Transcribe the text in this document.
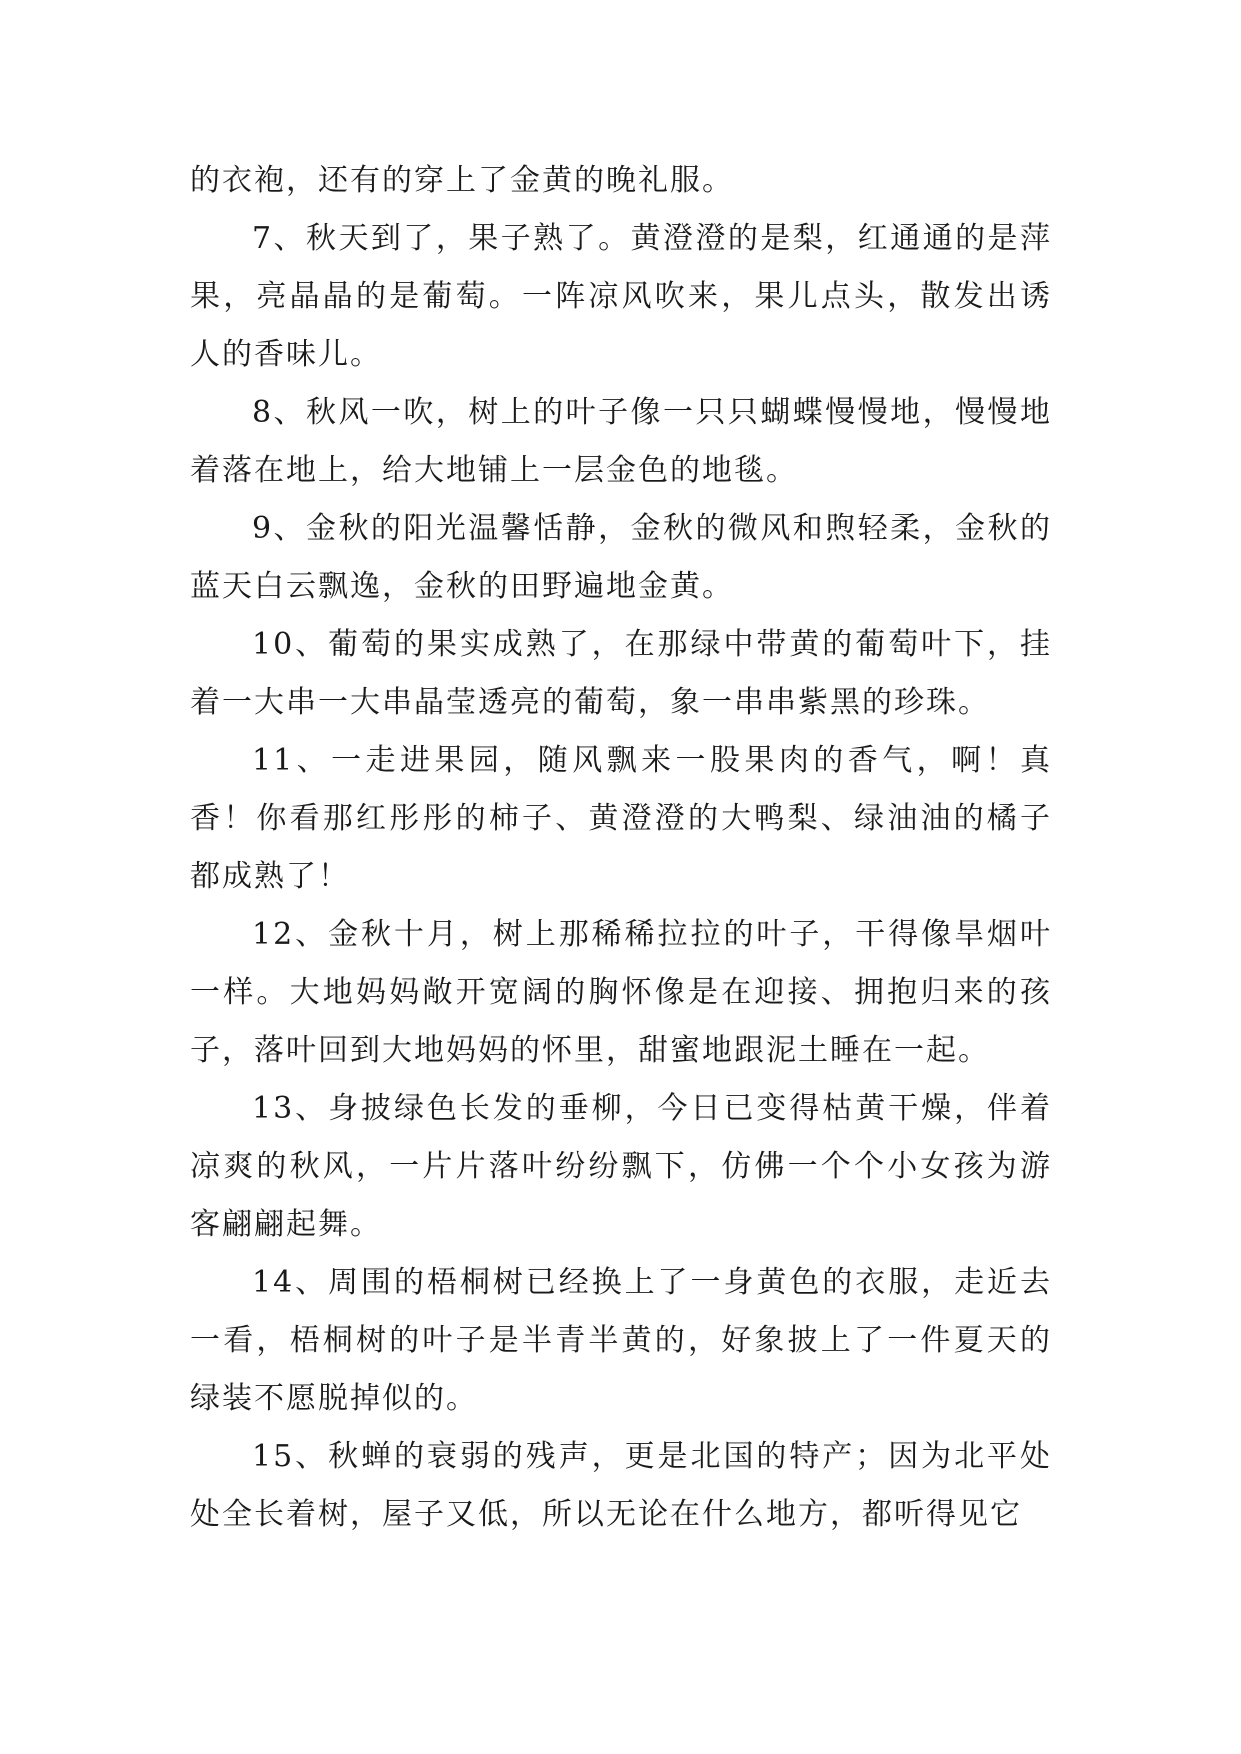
的衣袍，还有的穿上了金黄的晚礼服。

7、秋天到了，果子熟了。黄澄澄的是梨，红通通的是萍果，亮晶晶的是葡萄。一阵凉风吹来，果儿点头，散发出诱人的香味儿。

8、秋风一吹，树上的叶子像一只只蝴蝶慢慢地，慢慢地着落在地上，给大地铺上一层金色的地毯。

9、金秋的阳光温馨恬静，金秋的微风和煦轻柔，金秋的蓝天白云飘逸，金秋的田野遍地金黄。

10、葡萄的果实成熟了，在那绿中带黄的葡萄叶下，挂着一大串一大串晶莹透亮的葡萄，象一串串紫黑的珍珠。

11、一走进果园，随风飘来一股果肉的香气，啊！真香！你看那红彤彤的柿子、黄澄澄的大鸭梨、绿油油的橘子都成熟了！

12、金秋十月，树上那稀稀拉拉的叶子，干得像旱烟叶一样。大地妈妈敞开宽阔的胸怀像是在迎接、拥抱归来的孩子，落叶回到大地妈妈的怀里，甜蜜地跟泥土睡在一起。

13、身披绿色长发的垂柳，今日已变得枯黄干燥，伴着凉爽的秋风，一片片落叶纷纷飘下，仿佛一个个小女孩为游客翩翩起舞。

14、周围的梧桐树已经换上了一身黄色的衣服，走近去一看，梧桐树的叶子是半青半黄的，好象披上了一件夏天的绿装不愿脱掉似的。

15、秋蝉的衰弱的残声，更是北国的特产；因为北平处处全长着树，屋子又低，所以无论在什么地方，都听得见它
